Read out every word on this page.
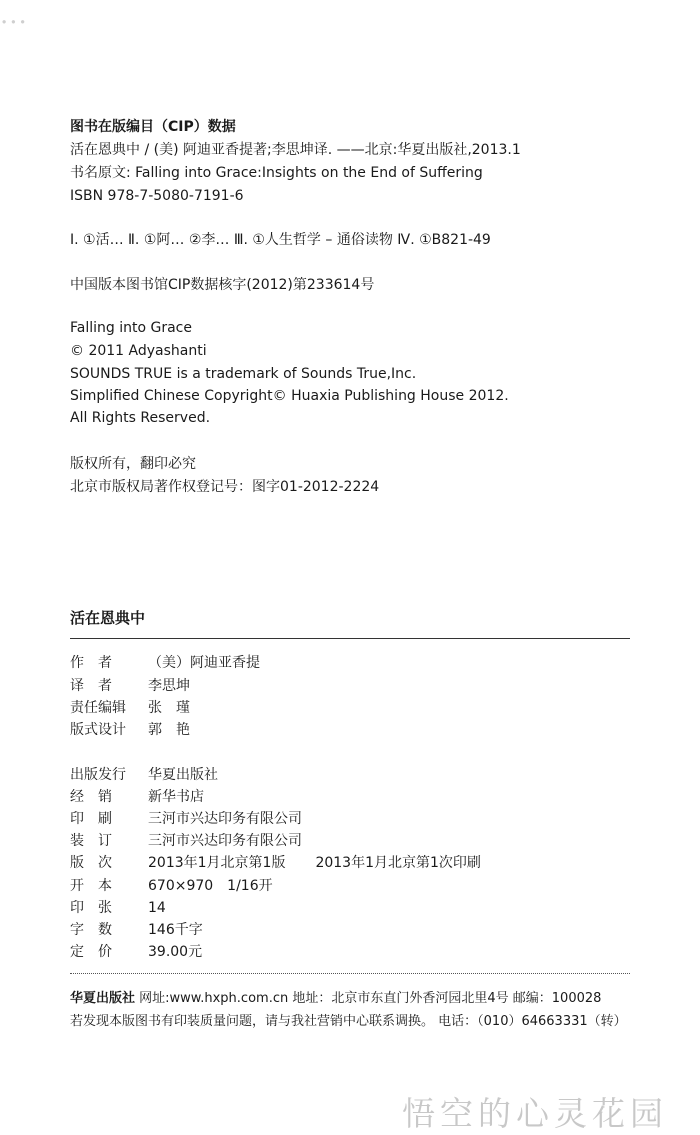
...
图书在版编目（CIP）数据
活在恩典中 / (美) 阿迪亚香提著;李思坤译. ——北京:华夏出版社,2013.1
书名原文: Falling into Grace:Insights on the End of Suffering
ISBN 978-7-5080-7191-6
Ⅰ. ①活… Ⅱ. ①阿… ②李… Ⅲ. ①人生哲学 – 通俗读物 Ⅳ. ①B821-49
中国版本图书馆CIP数据核字(2012)第233614号
Falling into Grace
© 2011 Adyashanti
SOUNDS TRUE is a trademark of Sounds True,Inc.
Simplified Chinese Copyright© Huaxia Publishing House 2012.
All Rights Reserved.
版权所有，翻印必究
北京市版权局著作权登记号：图字01-2012-2224
活在恩典中
作　者	（美）阿迪亚香提
译　者	李思坤
责任编辑 张　瑾
版式设计 郭　艳
出版发行 华夏出版社
经　销	新华书店
印　刷	三河市兴达印务有限公司
装　订	三河市兴达印务有限公司
版　次	2013年1月北京第1版 2013年1月北京第1次印刷
开　本	670×970　1/16开
印　张	14
字　数	146千字
定　价	39.00元
华夏出版社 网址:www.hxph.com.cn 地址：北京市东直门外香河园北里4号 邮编：100028
若发现本版图书有印装质量问题，请与我社营销中心联系调换。 电话：（010）64663331（转）
悟空的心灵花园
